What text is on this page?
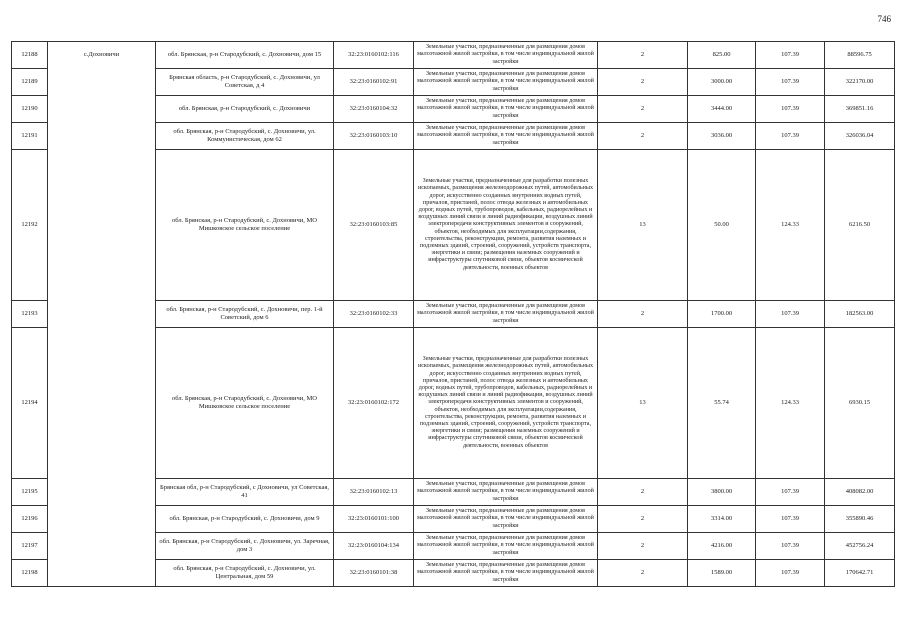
746
12188	с.Дохновичи	обл. Брянская, р-н Стародубский, с. Дохновичи, дом 15	32:23:0160102:116	Земельные участки, предназначенные для размещения домов малоэтажной жилой застройки, в том числе индивидуальной жилой застройки	2	825.00	107.39	88596.75
12189		Брянская область, р-н Стародубский, с. Дохновичи, ул Советская, д 4	32:23:0160102:91	Земельные участки, предназначенные для размещения домов малоэтажной жилой застройки, в том числе индивидуальной жилой застройки	2	3000.00	107.39	322170.00
12190		обл. Брянская, р-н Стародубский, с. Дохновичи	32:23:0160104:32	Земельные участки, предназначенные для размещения домов малоэтажной жилой застройки, в том числе индивидуальной жилой застройки	2	3444.00	107.39	369851.16
12191		обл. Брянская, р-н Стародубский, с. Дохновичи, ул. Коммунистическая, дом 62	32:23:0160103:10	Земельные участки, предназначенные для размещения домов малоэтажной жилой застройки, в том числе индивидуальной жилой застройки	2	3036.00	107.39	326036.04
12192		обл. Брянская, р-н Стародубский, с. Дохновичи, МО Мишковское сельское поселение	32:23:0160103:85	Земельные участки, предназначенные для разработки полезных ископаемых, размещения железнодорожных путей, автомобильных дорог, искусственно созданных внутренних водных путей, причалов, пристаней, полос отвода железных и автомобильных дорог, водных путей, трубопроводов, кабельных, радиорелейных и воздушных линий связи и линий радиофикации, воздушных линий электропередачи конструктивных элементов и сооружений, объектов, необходимых для эксплуатации,содержания, строительства, реконструкции, ремонта, развития наземных и подземных зданий, строений, сооружений, устройств транспорта, энергетики и связи; размещения наземных сооружений и инфраструктуры спутниковой связи, объектов космической деятельности, военных объектов	13	50.00	124.33	6216.50
12193		обл. Брянская, р-н Стародубский, с. Дохновичи, пер. 1-й Советский, дом 6	32:23:0160102:33	Земельные участки, предназначенные для размещения домов малоэтажной жилой застройки, в том числе индивидуальной жилой застройки	2	1700.00	107.39	182563.00
12194		обл. Брянская, р-н Стародубский, с. Дохновичи, МО Мишковское сельское поселение	32:23:0160102:172	Земельные участки, предназначенные для разработки полезных ископаемых, размещения железнодорожных путей, автомобильных дорог, искусственно созданных внутренних водных путей, причалов, пристаней, полос отвода железных и автомобильных дорог, водных путей, трубопроводов, кабельных, радиорелейных и воздушных линий связи и линий радиофикации, воздушных линий электропередачи конструктивных элементов и сооружений, объектов, необходимых для эксплуатации,содержания, строительства, реконструкции, ремонта, развития наземных и подземных зданий, строений, сооружений, устройств транспорта, энергетики и связи; размещения наземных сооружений и инфраструктуры спутниковой связи, объектов космической деятельности, военных объектов	13	55.74	124.33	6930.15
12195		Брянская обл, р-н Стародубский, с Дохновичи, ул Советская, 41	32:23:0160102:13	Земельные участки, предназначенные для размещения домов малоэтажной жилой застройки, в том числе индивидуальной жилой застройки	2	3800.00	107.39	408082.00
12196		обл. Брянская, р-н Стародубский, с. Дохновичи, дом 9	32:23:0160101:100	Земельные участки, предназначенные для размещения домов малоэтажной жилой застройки, в том числе индивидуальной жилой застройки	2	3314.00	107.39	355890.46
12197		обл. Брянская, р-н Стародубский, с. Дохновичи, ул. Заречная, дом 3	32:23:0160104:134	Земельные участки, предназначенные для размещения домов малоэтажной жилой застройки, в том числе индивидуальной жилой застройки	2	4216.00	107.39	452756.24
12198		обл. Брянская, р-н Стародубский, с. Дохновичи, ул. Центральная, дом 59	32:23:0160101:38	Земельные участки, предназначенные для размещения домов малоэтажной жилой застройки, в том числе индивидуальной жилой застройки	2	1589.00	107.39	170642.71
